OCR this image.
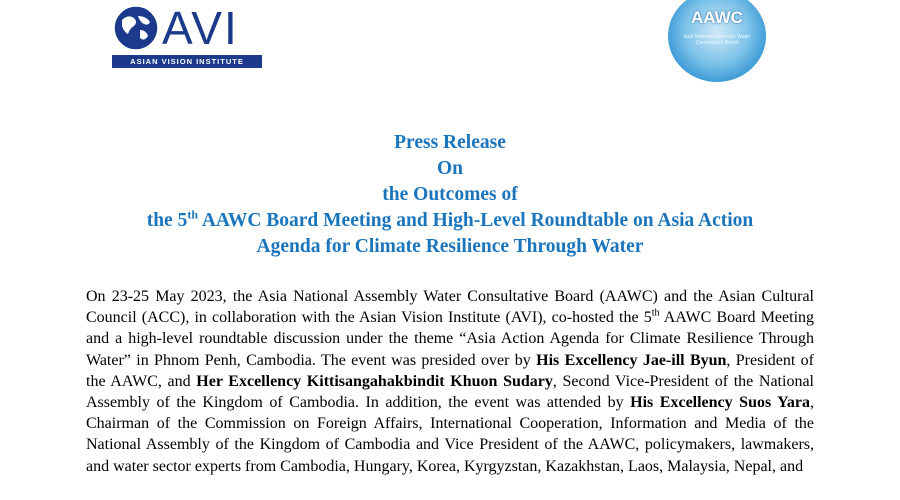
AVI
ASIAN VISION INSTITUTE
AAWC
Asia National Assembly Water Consultative Board
Press Release
On
the Outcomes of
the 5th AAWC Board Meeting and High-Level Roundtable on Asia Action
Agenda for Climate Resilience Through Water
On 23-25 May 2023, the Asia National Assembly Water Consultative Board (AAWC) and the Asian Cultural Council (ACC), in collaboration with the Asian Vision Institute (AVI), co-hosted the 5th AAWC Board Meeting and a high-level roundtable discussion under the theme “Asia Action Agenda for Climate Resilience Through Water” in Phnom Penh, Cambodia. The event was presided over by His Excellency Jae-ill Byun, President of the AAWC, and Her Excellency Kittisangahakbindit Khuon Sudary, Second Vice-President of the National Assembly of the Kingdom of Cambodia. In addition, the event was attended by His Excellency Suos Yara, Chairman of the Commission on Foreign Affairs, International Cooperation, Information and Media of the National Assembly of the Kingdom of Cambodia and Vice President of the AAWC, policymakers, lawmakers, and water sector experts from Cambodia, Hungary, Korea, Kyrgyzstan, Kazakhstan, Laos, Malaysia, Nepal, and
